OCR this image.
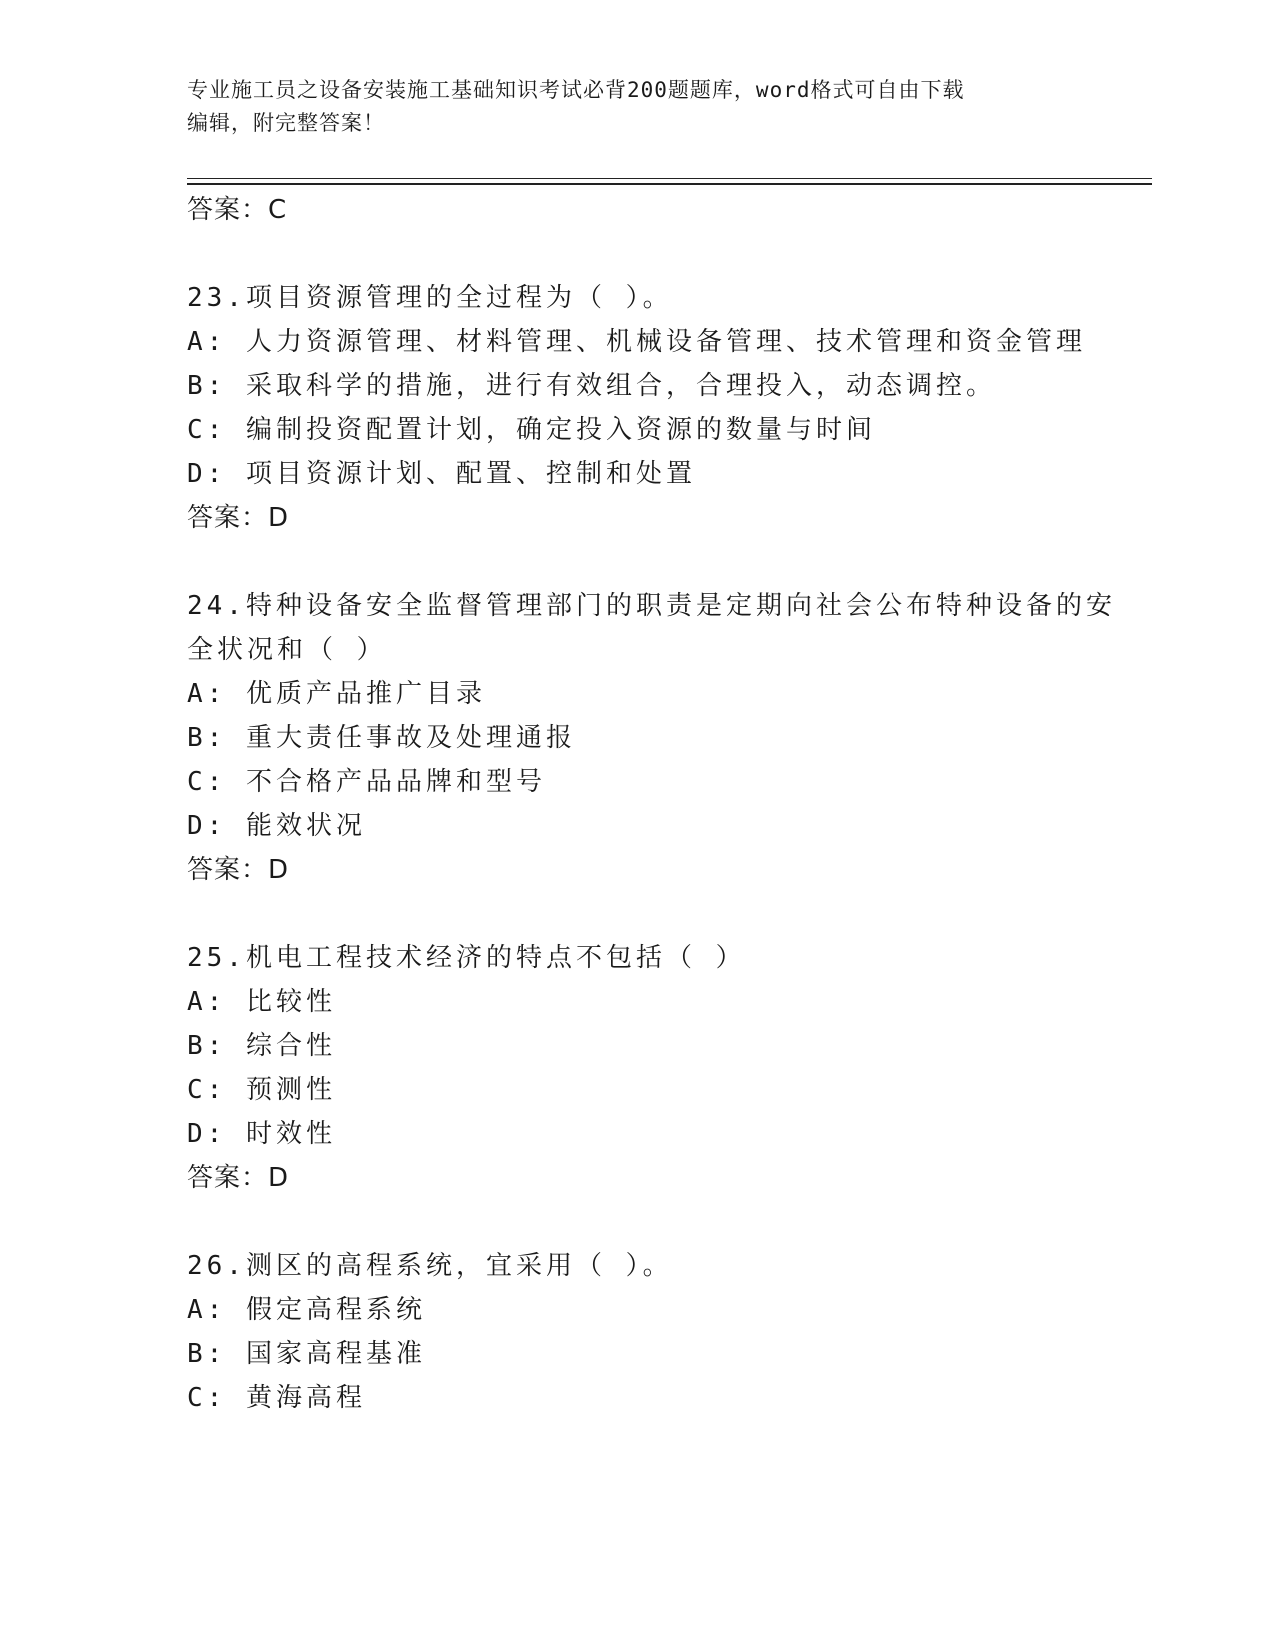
专业施工员之设备安装施工基础知识考试必背200题题库，word格式可自由下载
编辑，附完整答案！
答案：C
23.项目资源管理的全过程为（ ）。
A: 人力资源管理、材料管理、机械设备管理、技术管理和资金管理
B: 采取科学的措施，进行有效组合，合理投入，动态调控。
C: 编制投资配置计划，确定投入资源的数量与时间
D: 项目资源计划、配置、控制和处置
答案：D
24.特种设备安全监督管理部门的职责是定期向社会公布特种设备的安
全状况和（ ）
A: 优质产品推广目录
B: 重大责任事故及处理通报
C: 不合格产品品牌和型号
D: 能效状况
答案：D
25.机电工程技术经济的特点不包括（ ）
A: 比较性
B: 综合性
C: 预测性
D: 时效性
答案：D
26.测区的高程系统，宜采用（ ）。
A: 假定高程系统
B: 国家高程基准
C: 黄海高程
